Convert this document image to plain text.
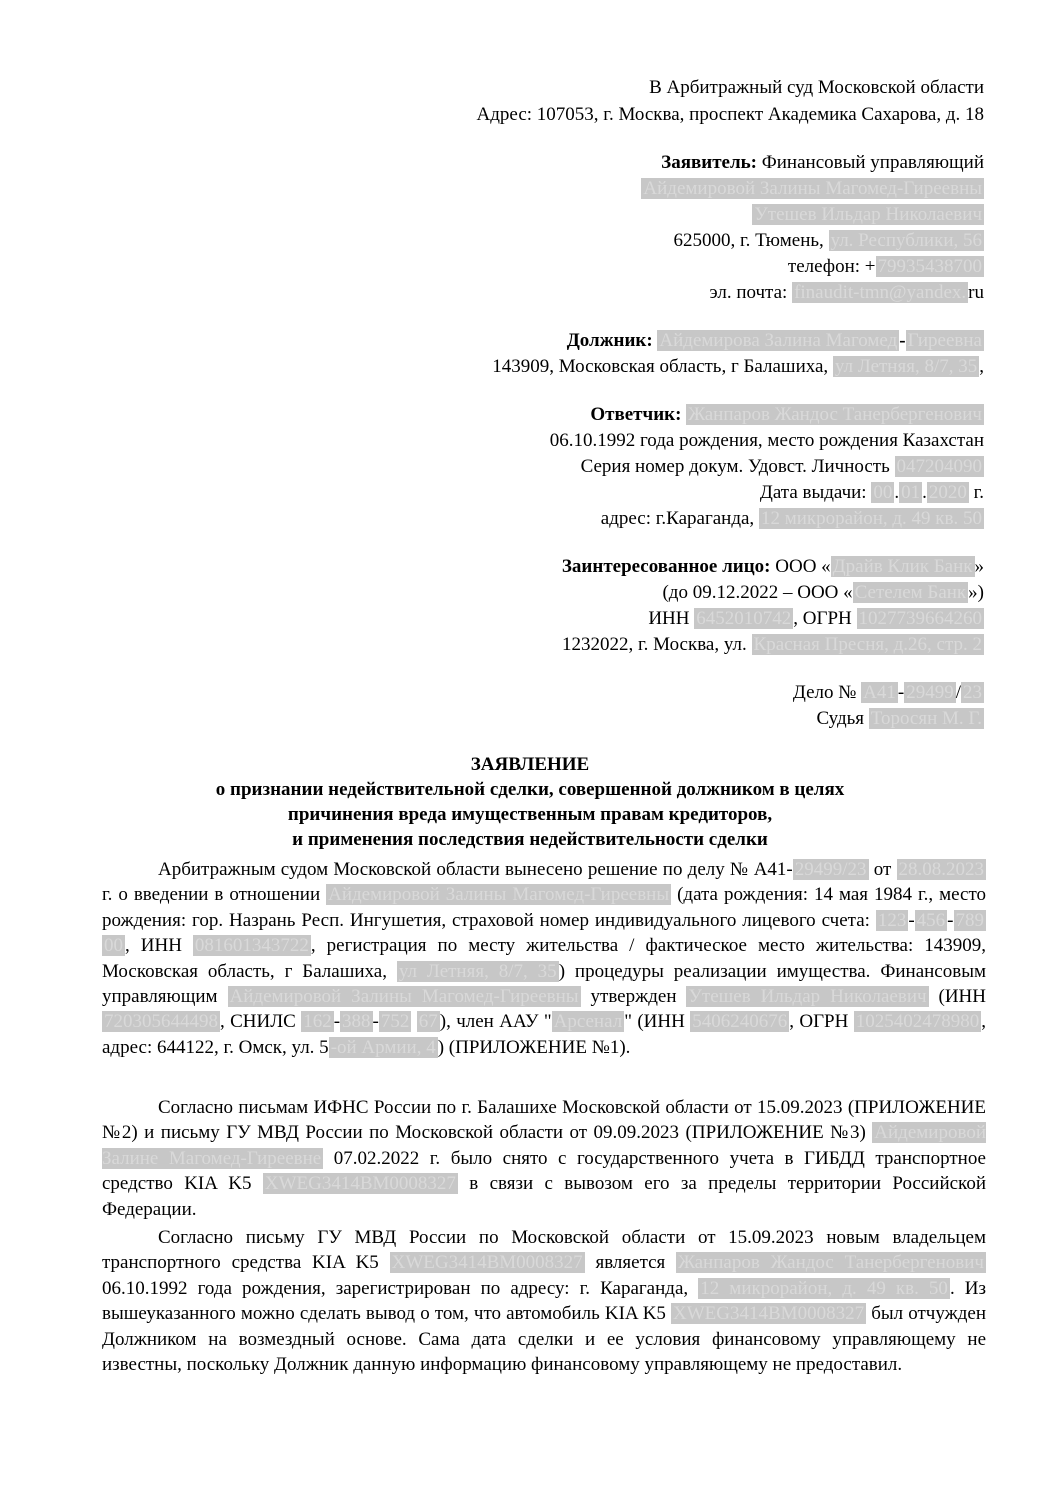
В Арбитражный суд Московской области
Адрес: 107053, г. Москва, проспект Академика Сахарова, д. 18
Заявитель: Финансовый управляющий
Айдемировой Залины Магомед-Гиреевны
Утешев Ильдар Николаевич
625000, г. Тюмень, ул. Республики, 56
телефон: + 79935438700
эл. почта: finaudit-tmn@yandex. ru
Должник: Айдемирова Залина Магомед - Гиреевна
143909, Московская область, г Балашиха, ул Летняя, 8/7, 35 ,
Ответчик: Жанпаров Жандос Танербергенович
06.10.1992 года рождения, место рождения Казахстан
Серия номер докум. Удовст. Личность 047204090
Дата выдачи: 00 . 01 . 2020 г.
адрес: г.Караганда, 12 микрорайон, д. 49 кв. 50
Заинтересованное лицо: ООО « Драйв Клик Банк »
(до 09.12.2022 – ООО « Сетелем Банк »)
ИНН 6452010742 , ОГРН 1027739664260
1232022, г. Москва, ул. Красная Пресня, д.26, стр. 2
Дело № А41 - 29499 / 23
Судья Торосян М. Г.
ЗАЯВЛЕНИЕ
о признании недействительной сделки, совершенной должником в целях
причинения вреда имущественным правам кредиторов,
и применения последствия недействительности сделки
Арбитражным судом Московской области вынесено решение по делу № А41- 29499/23 от 28.08.2023 г. о введении в отношении Айдемировой Залины Магомед-Гиреевны (дата рождения: 14 мая 1984 г., место рождения: гор. Назрань Респ. Ингушетия, страховой номер индивидуального лицевого счета: 123 - 456 - 789 00 , ИНН 081601343722 , регистрация по месту жительства / фактическое место жительства: 143909, Московская область, г Балашиха, ул Летняя, 8/7, 35 ) процедуры реализации имущества. Финансовым управляющим Айдемировой Залины Магомед-Гиреевны утвержден Утешев Ильдар Николаевич (ИНН 720305644498 , СНИЛС 162 - 388 - 752 67 ), член ААУ " Арсенал " (ИНН 5406240676 , ОГРН 1025402478980 , адрес: 644122, г. Омск, ул. 5 -ой Армии, 4 ) (ПРИЛОЖЕНИЕ №1).
Согласно письмам ИФНС России по г. Балашихе Московской области от 15.09.2023 (ПРИЛОЖЕНИЕ №2) и письму ГУ МВД России по Московской области от 09.09.2023 (ПРИЛОЖЕНИЕ №3) Айдемировой Залине Магомед-Гиреевне 07.02.2022 г. было снято с государственного учета в ГИБДД транспортное средство KIA K5 XWEG3414BM0008327 в связи с вывозом его за пределы территории Российской Федерации.
Согласно письму ГУ МВД России по Московской области от 15.09.2023 новым владельцем транспортного средства KIA K5 XWEG3414BM0008327 является Жанпаров Жандос Танербергенович 06.10.1992 года рождения, зарегистрирован по адресу: г. Караганда, 12 микрорайон, д. 49 кв. 50 . Из вышеуказанного можно сделать вывод о том, что автомобиль KIA K5 XWEG3414BM0008327 был отчужден Должником на возмездный основе. Сама дата сделки и ее условия финансовому управляющему не известны, поскольку Должник данную информацию финансовому управляющему не предоставил.
